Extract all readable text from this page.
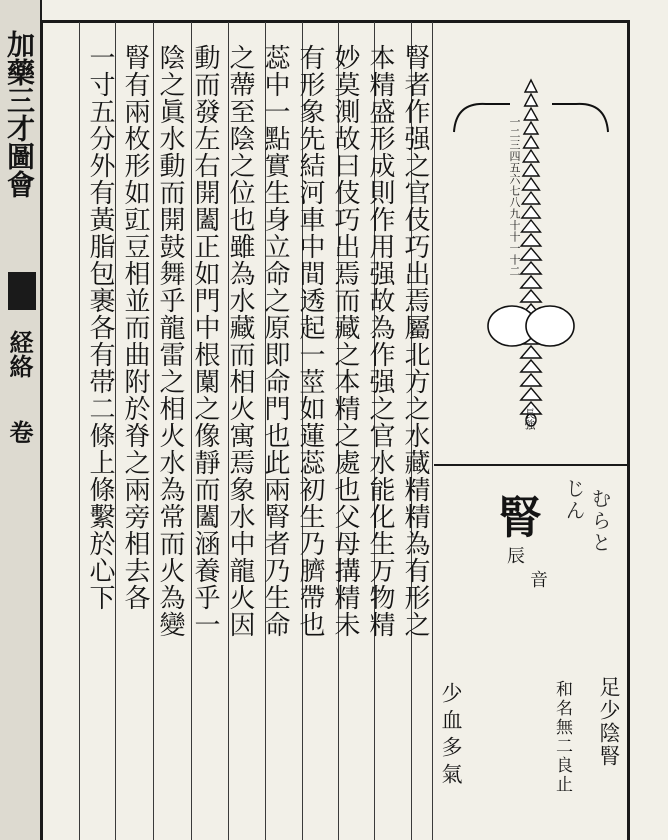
加藥三才圖會
経絡
卷	腎者作强之官伎巧出焉屬北方之水藏精精為有形之
本精盛形成則作用强故為作强之官水能化生万物精
妙莫測故曰伎巧出焉而藏之本精之處也父母搆精未
有形象先結河車中間透起一莖如蓮蕊初生乃臍帶也
蕊中一點實生身立命之原即命門也此兩腎者乃生命
之蔕至陰之位也雖為水藏而相火寓焉象水中龍火因
動而發左右開闔正如門中根闑之像靜而闔涵養乎一
陰之眞水動而開鼓舞乎龍雷之相火水為常而火為變
腎有兩枚形如豇豆相並而曲附於脊之兩旁相去各
一寸五分外有黃脂包裹各有帯二條上條繫於心下	一二三四五六七八九十十一十二
長強
腎
辰
音
じん むらと
足少陰腎
和名無二良止
少血多氣
